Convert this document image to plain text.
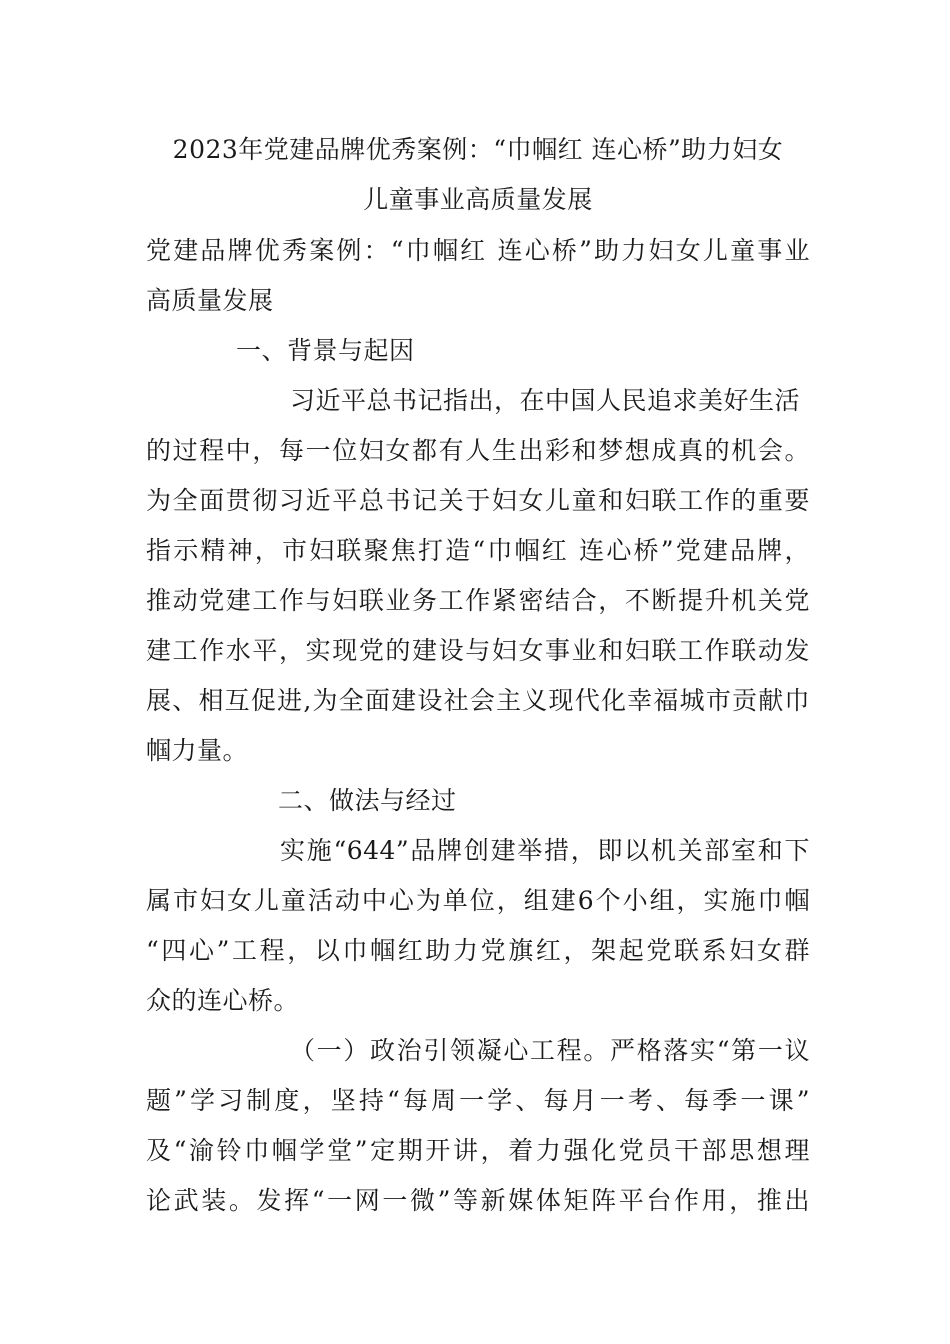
2023年党建品牌优秀案例：“巾帼红 连心桥”助力妇女
儿童事业高质量发展
党建品牌优秀案例：“巾帼红 连心桥”助力妇女儿童事业
高质量发展
一、背景与起因
习近平总书记指出，在中国人民追求美好生活
的过程中，每一位妇女都有人生出彩和梦想成真的机会。
为全面贯彻习近平总书记关于妇女儿童和妇联工作的重要
指示精神，市妇联聚焦打造“巾帼红 连心桥”党建品牌，
推动党建工作与妇联业务工作紧密结合，不断提升机关党
建工作水平，实现党的建设与妇女事业和妇联工作联动发
展、相互促进,为全面建设社会主义现代化幸福城市贡献巾
帼力量。
二、做法与经过
实施“644”品牌创建举措，即以机关部室和下
属市妇女儿童活动中心为单位，组建6个小组，实施巾帼
“四心”工程，以巾帼红助力党旗红，架起党联系妇女群
众的连心桥。
（一）政治引领凝心工程。严格落实“第一议
题”学习制度，坚持“每周一学、每月一考、每季一课”
及“渝铃巾帼学堂”定期开讲，着力强化党员干部思想理
论武装。发挥“一网一微”等新媒体矩阵平台作用，推出
